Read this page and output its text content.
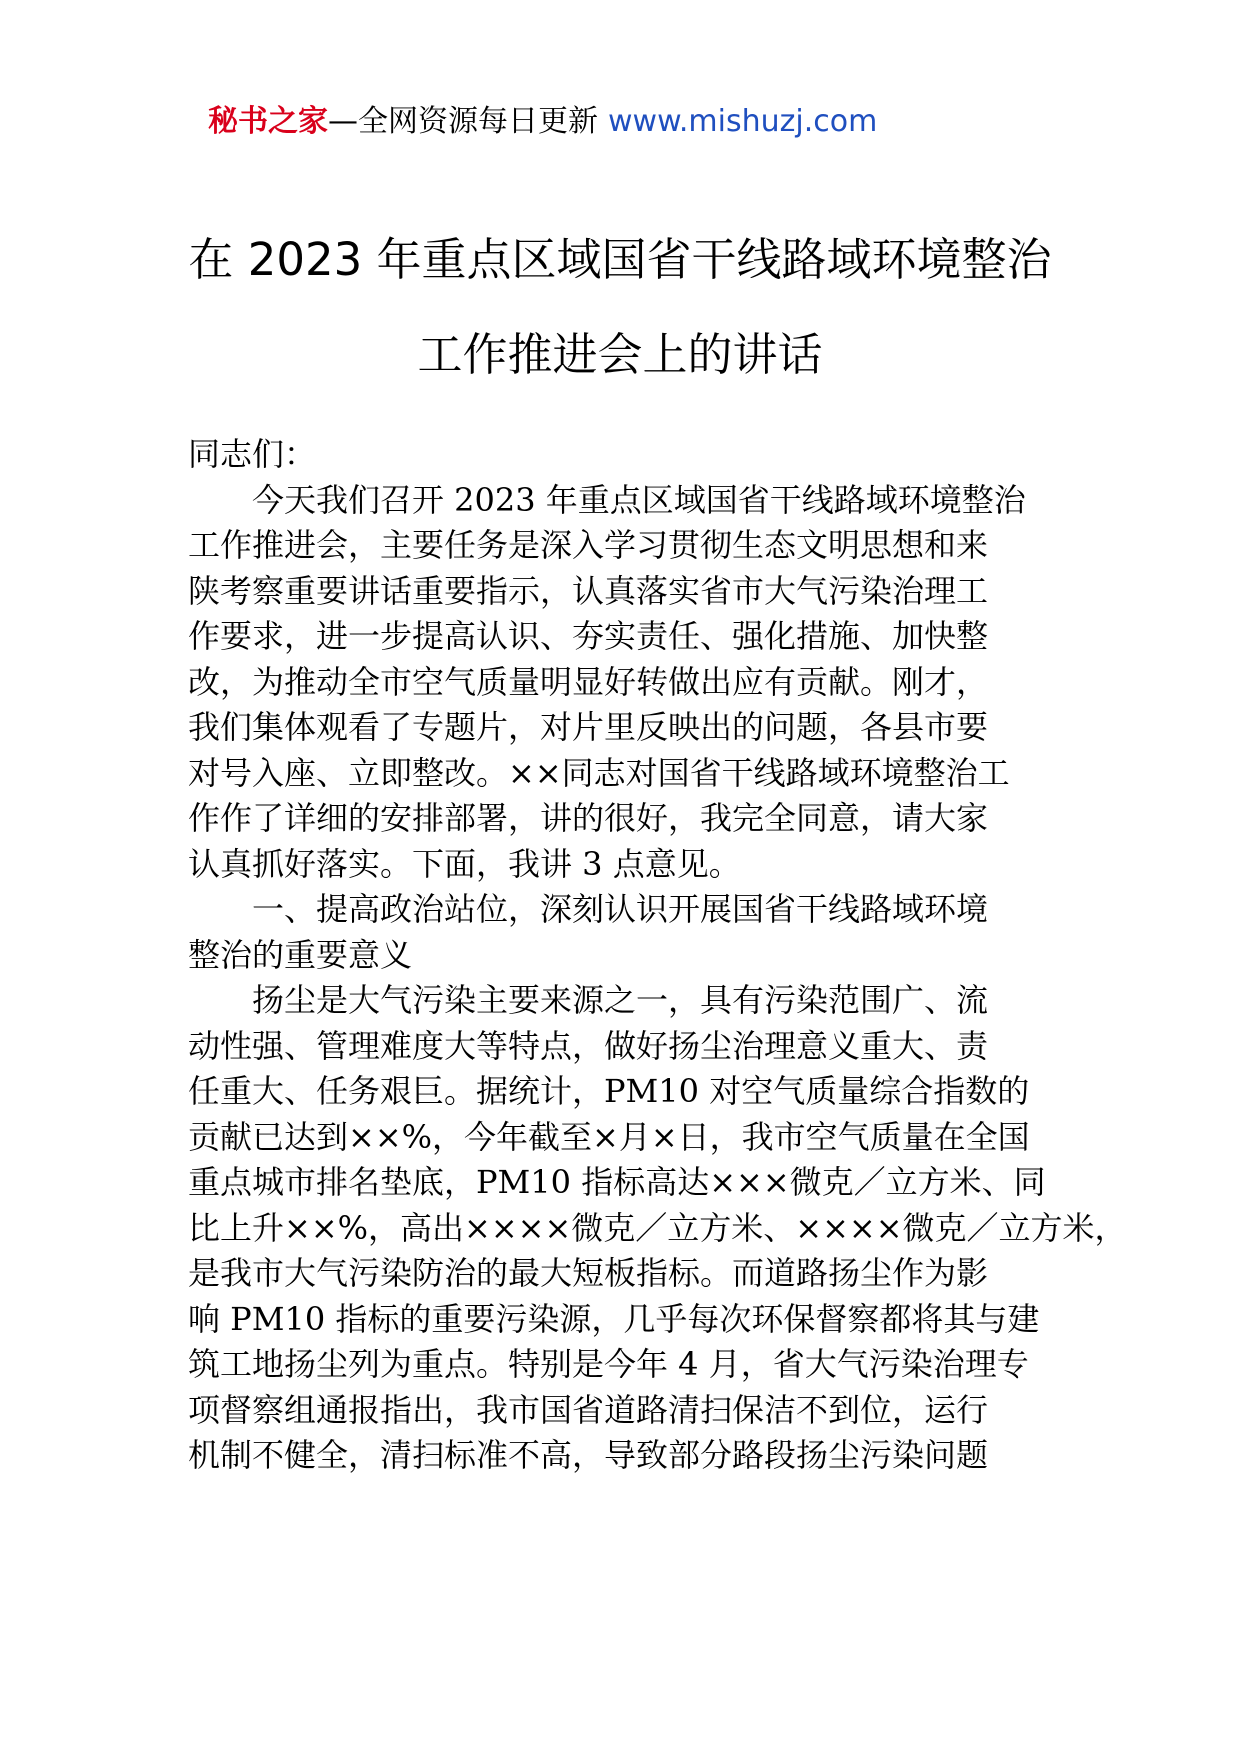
秘书之家—全网资源每日更新 www.mishuzj.com
在 2023 年重点区域国省干线路域环境整治
工作推进会上的讲话

同志们：

今天我们召开 2023 年重点区域国省干线路域环境整治

工作推进会，主要任务是深入学习贯彻生态文明思想和来

陕考察重要讲话重要指示，认真落实省市大气污染治理工

作要求，进一步提高认识、夯实责任、强化措施、加快整

改，为推动全市空气质量明显好转做出应有贡献。刚才，

我们集体观看了专题片，对片里反映出的问题，各县市要

对号入座、立即整改。××同志对国省干线路域环境整治工

作作了详细的安排部署，讲的很好，我完全同意，请大家

认真抓好落实。下面，我讲 3 点意见。

一、提高政治站位，深刻认识开展国省干线路域环境

整治的重要意义

扬尘是大气污染主要来源之一，具有污染范围广、流

动性强、管理难度大等特点，做好扬尘治理意义重大、责

任重大、任务艰巨。据统计，PM10 对空气质量综合指数的

贡献已达到××%，今年截至×月×日，我市空气质量在全国

重点城市排名垫底，PM10 指标高达×××微克／立方米、同

比上升××%，高出××××微克／立方米、××××微克／立方米，

是我市大气污染防治的最大短板指标。而道路扬尘作为影

响 PM10 指标的重要污染源，几乎每次环保督察都将其与建

筑工地扬尘列为重点。特别是今年 4 月，省大气污染治理专

项督察组通报指出，我市国省道路清扫保洁不到位，运行

机制不健全，清扫标准不高，导致部分路段扬尘污染问题
